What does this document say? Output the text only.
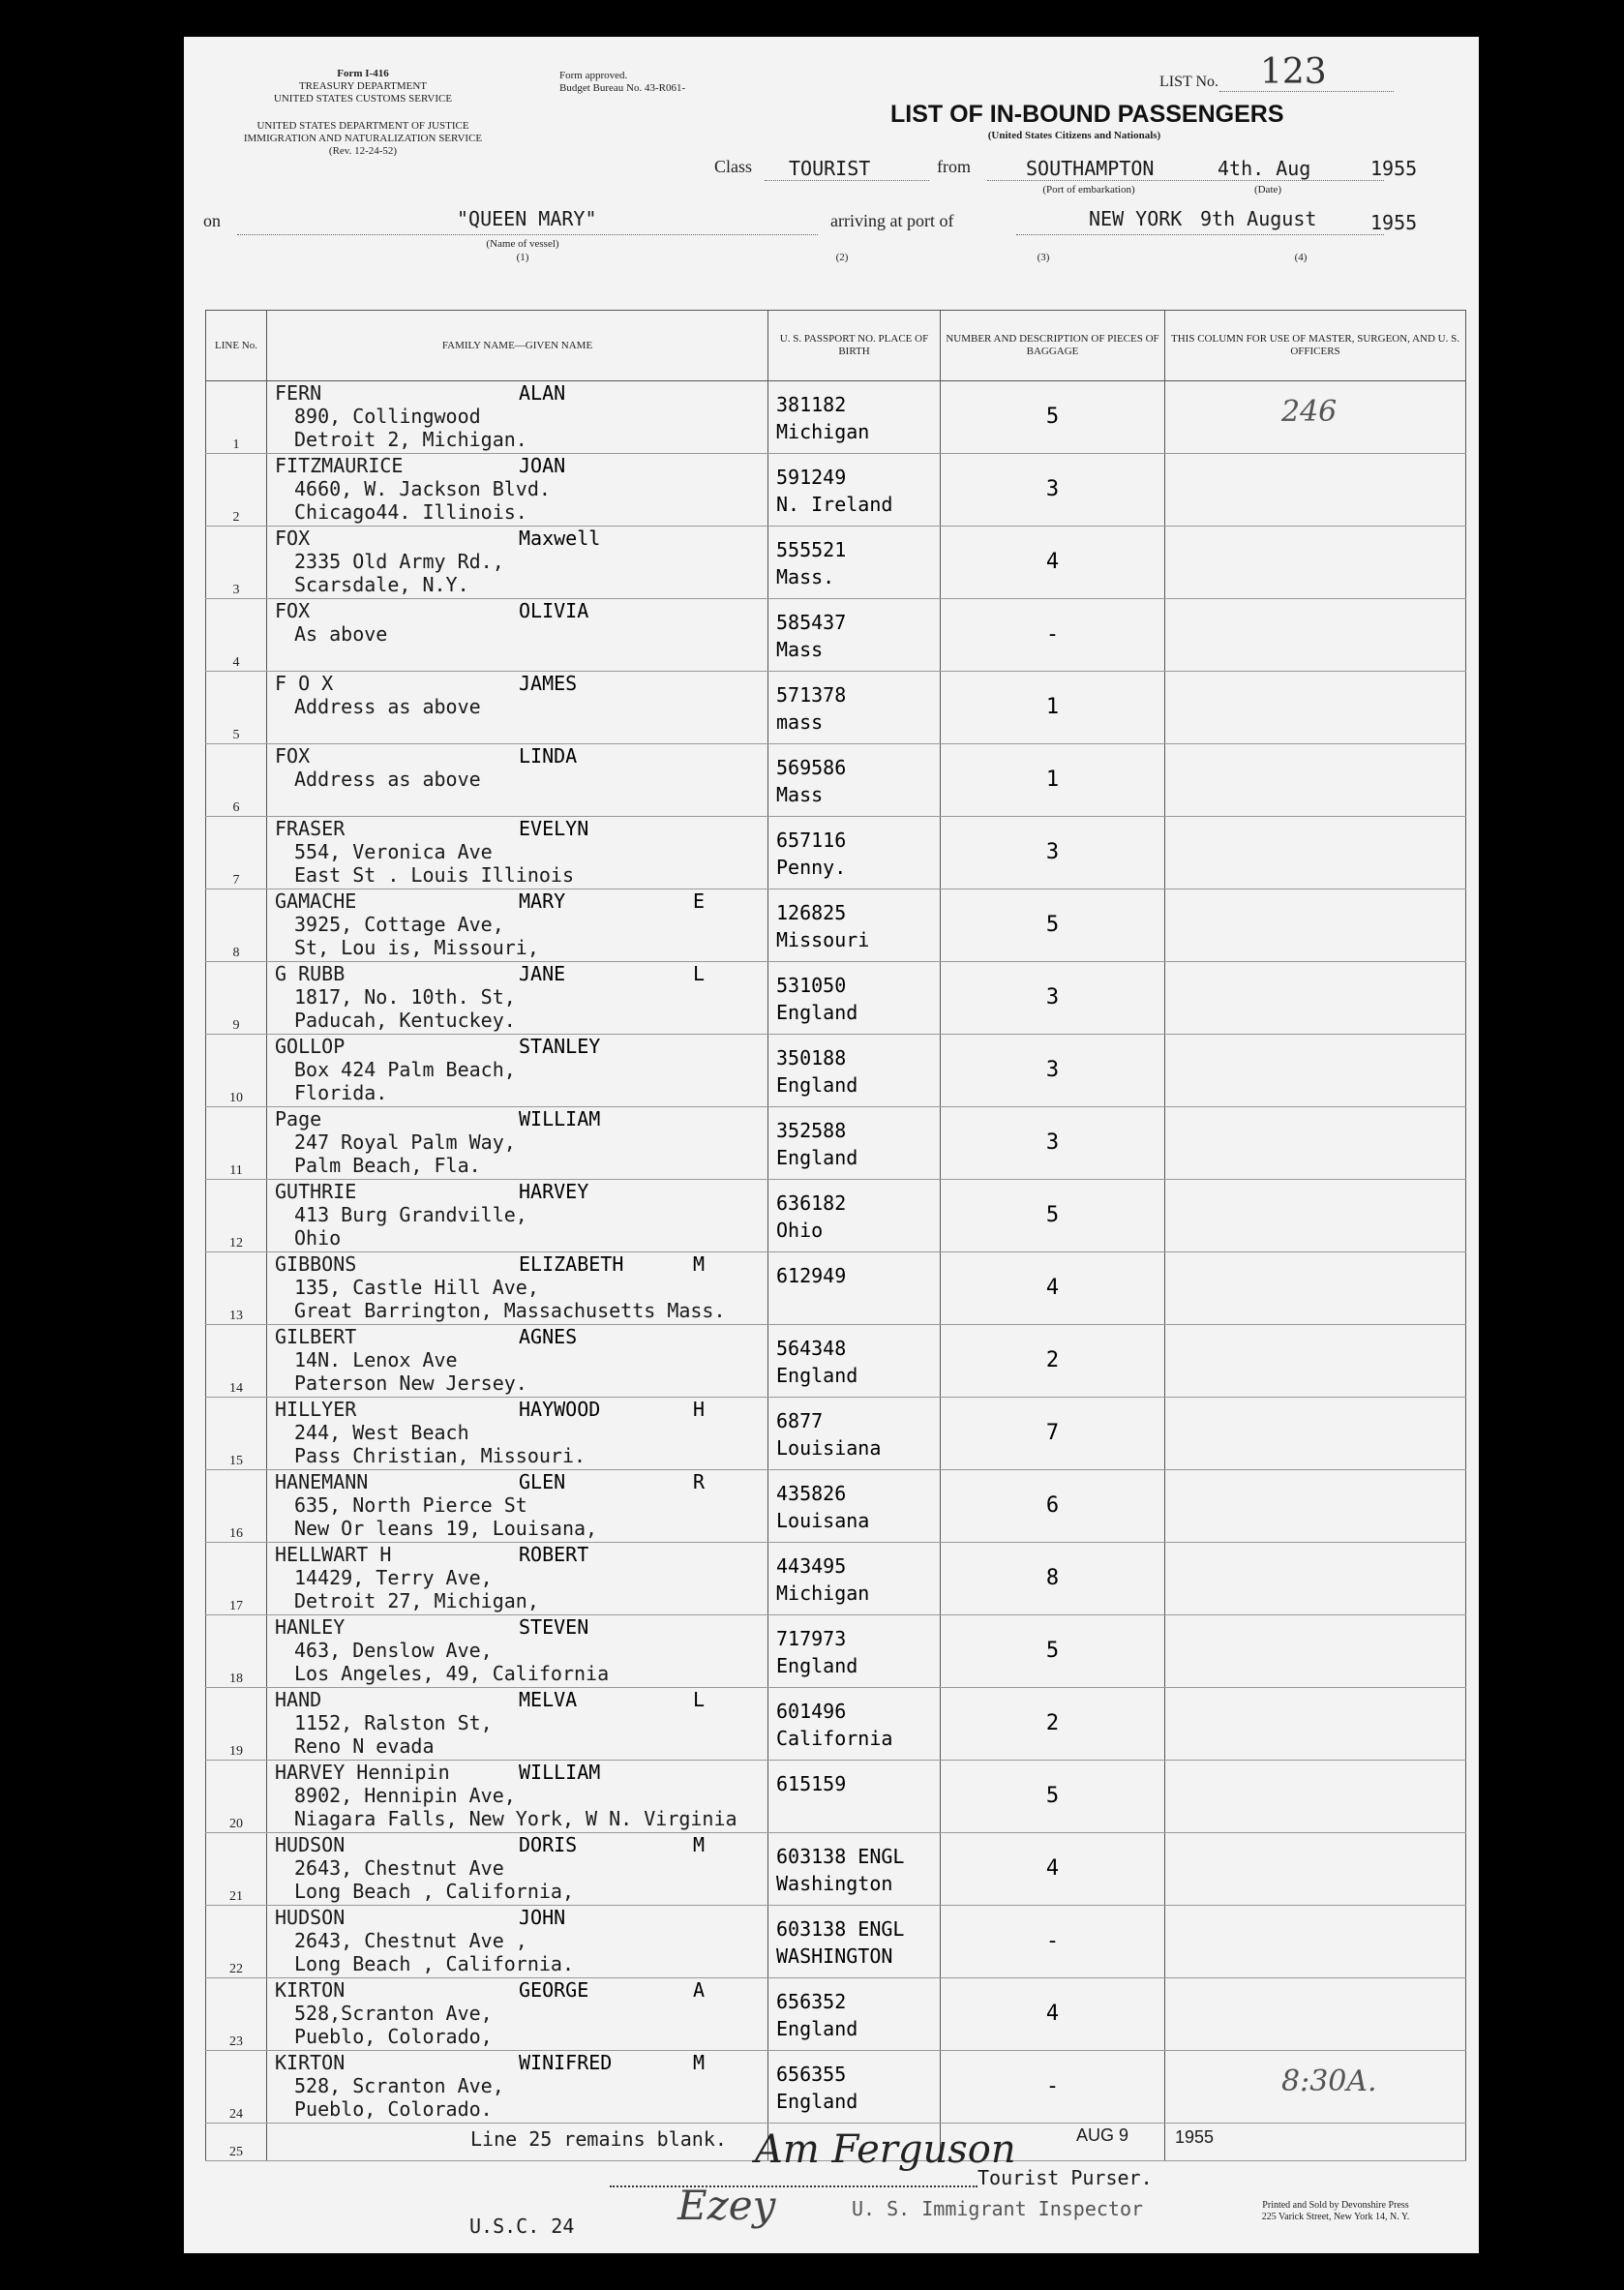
Form I-416
TREASURY DEPARTMENT
UNITED STATES CUSTOMS SERVICE
UNITED STATES DEPARTMENT OF JUSTICE
IMMIGRATION AND NATURALIZATION SERVICE
(Rev. 12-24-52)
Form approved.
Budget Bureau No. 43-R061-	LIST No.	123
LIST OF IN-BOUND PASSENGERS
(United States Citizens and Nationals)
Class TOURIST	from	SOUTHAMPTON	4th. Aug	1955
(Port of embarkation)	(Date)
on	"QUEEN MARY"
(Name of vessel)
(1)
arriving at port of	NEW YORK 9th August	1955
(2)	(3)	(4)
LINE No.	FAMILY NAME—GIVEN NAME	U. S. PASSPORT NO. PLACE OF BIRTH	NUMBER AND DESCRIPTION OF PIECES OF BAGGAGE	THIS COLUMN FOR USE OF MASTER, SURGEON, AND U. S. OFFICERS
1	FERN ALAN
890, Collingwood
Detroit 2, Michigan.	381182
Michigan	5	246

2	FITZMAURICE JOAN
4660, W. Jackson Blvd.
Chicago44. Illinois.	591249
N. Ireland	3	

3	FOX Maxwell
2335 Old Army Rd.,
Scarsdale, N.Y.	555521
Mass.	4	

4	FOX OLIVIA
As above	585437
Mass	-	

5	F O X JAMES
Address as above	571378
mass	1	

6	FOX LINDA
Address as above	569586
Mass	1	

7	FRASER EVELYN
554, Veronica Ave
East St . Louis Illinois	657116
Penny.	3	

8	GAMACHE MARY E
3925, Cottage Ave,
St, Lou is, Missouri,	126825
Missouri	5	

9	G RUBB JANE L
1817, No. 10th. St,
Paducah, Kentuckey.	531050
England	3	

10	GOLLOP STANLEY
Box 424 Palm Beach,
Florida.	350188
England	3	

11	Page WILLIAM
247 Royal Palm Way,
Palm Beach, Fla.	352588
England	3	

12	GUTHRIE HARVEY
413 Burg Grandville,
Ohio	636182
Ohio	5	

13	GIBBONS ELIZABETH M
135, Castle Hill Ave,
Great Barrington, Massachusetts Mass.	612949	4	

14	GILBERT AGNES
14N. Lenox Ave
Paterson New Jersey.	564348
England	2	

15	HILLYER HAYWOOD H
244, West Beach
Pass Christian, Missouri.	6877
Louisiana	7	

16	HANEMANN GLEN R
635, North Pierce St
New Or leans 19, Louisana,	435826
Louisana	6	

17	HELLWART H ROBERT
14429, Terry Ave,
Detroit 27, Michigan,	443495
Michigan	8	

18	HANLEY STEVEN
463, Denslow Ave,
Los Angeles, 49, California	717973
England	5	

19	HAND MELVA L
1152, Ralston St,
Reno N evada	601496
California	2	

20	HARVEY Hennipin WILLIAM
8902, Hennipin Ave,
Niagara Falls, New York, W N. Virginia	615159	5	

21	HUDSON DORIS M
2643, Chestnut Ave
Long Beach , California,	603138 ENGL
Washington	4	

22	HUDSON JOHN
2643, Chestnut Ave ,
Long Beach , California.	603138 ENGL
WASHINGTON	-	

23	KIRTON GEORGE A
528,Scranton Ave,
Pueblo, Colorado,	656352
England	4	

24	KIRTON WINIFRED M
528, Scranton Ave,
Pueblo, Colorado.	656355
England	-	8:30A.

25	Line 25 remains blank.		AUG 9	1955
U.S.C. 24
U. S. Immigrant Inspector	Printed and Sold by Devonshire Press
225 Varick Street, New York 14, N. Y.
Ezey
Tourist Purser.
Am Ferguson
